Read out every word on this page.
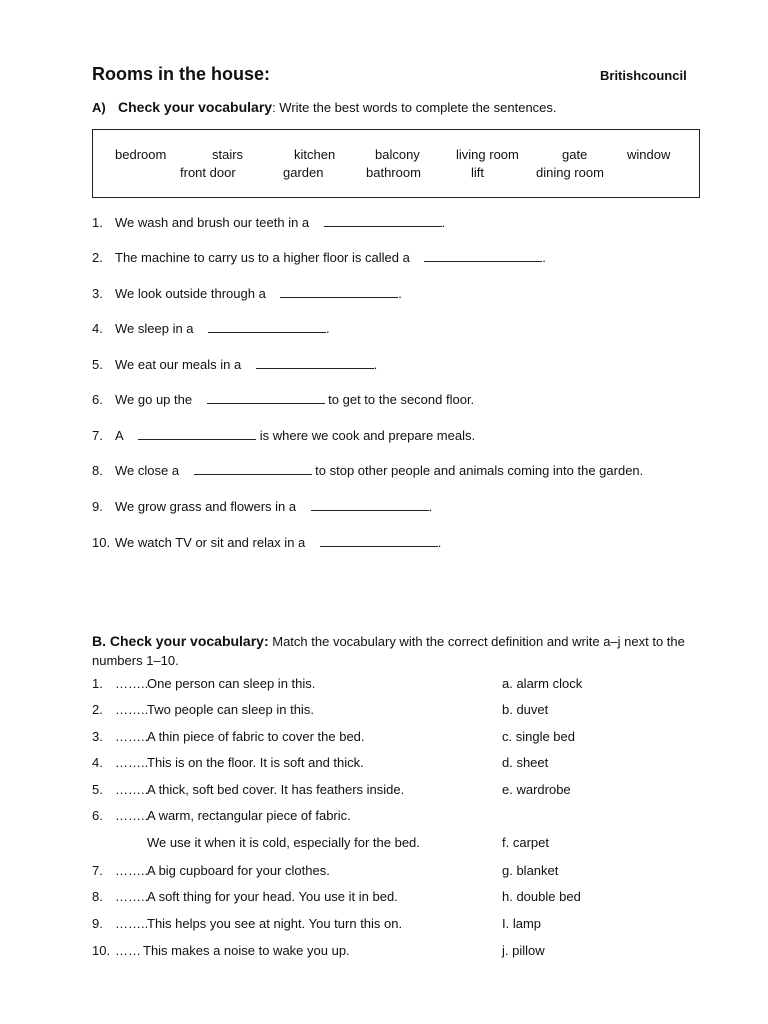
Rooms in the house:	Britishcouncil
A) Check your vocabulary: Write the best words to complete the sentences.
bedroom	stairs	kitchen	balcony	living room	gate	window
front door	garden	bathroom	lift	dining room
1. We wash and brush our teeth in a	.
2. The machine to carry us to a higher floor is called a	.
3. We look outside through a	.
4. We sleep in a	.
5. We eat our meals in a	.
6. We go up the	to get to the second floor.
7. A	is where we cook and prepare meals.
8. We close a	to stop other people and animals coming into the garden.
9. We grow grass and flowers in a	.
10. We watch TV or sit and relax in a	.
B. Check your vocabulary: Match the vocabulary with the correct definition and write a–j next to the numbers 1–10.
1. ……..One person can sleep in this.	a. alarm clock
2. ……..Two people can sleep in this.	b. duvet
3. ……..A thin piece of fabric to cover the bed.	c. single bed
4. ……..This is on the floor. It is soft and thick.	d. sheet
5. ……..A thick, soft bed cover. It has feathers inside.	e. wardrobe
6. ……..A warm, rectangular piece of fabric.
We use it when it is cold, especially for the bed.	f. carpet
7. ……..A big cupboard for your clothes.	g. blanket
8. ……..A soft thing for your head. You use it in bed.	h. double bed
9. ……..This helps you see at night. You turn this on.	I. lamp
10. …… This makes a noise to wake you up.	j. pillow
